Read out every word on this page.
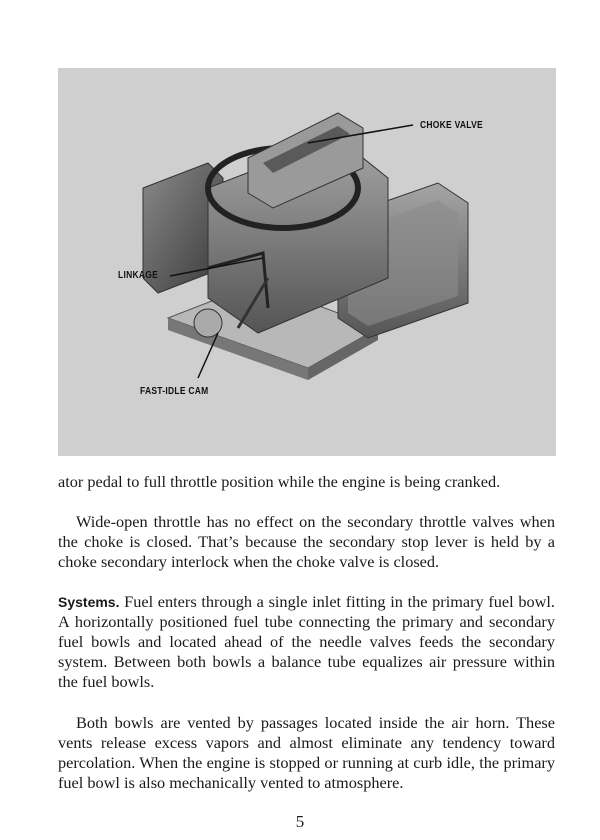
CHOKE VALVE
LINKAGE
FAST-IDLE CAM

ator pedal to full throttle position while the engine is being cranked.

Wide-open throttle has no effect on the secondary throttle valves when the choke is closed. That’s because the secondary stop lever is held by a choke secondary interlock when the choke valve is closed.

Systems. Fuel enters through a single inlet fitting in the primary fuel bowl. A horizontally positioned fuel tube connecting the primary and secondary fuel bowls and located ahead of the needle valves feeds the secondary system. Between both bowls a balance tube equalizes air pressure within the fuel bowls.

Both bowls are vented by passages located inside the air horn. These vents release excess vapors and almost eliminate any tendency toward percolation. When the engine is stopped or running at curb idle, the primary fuel bowl is also mechanically vented to atmosphere.

5
